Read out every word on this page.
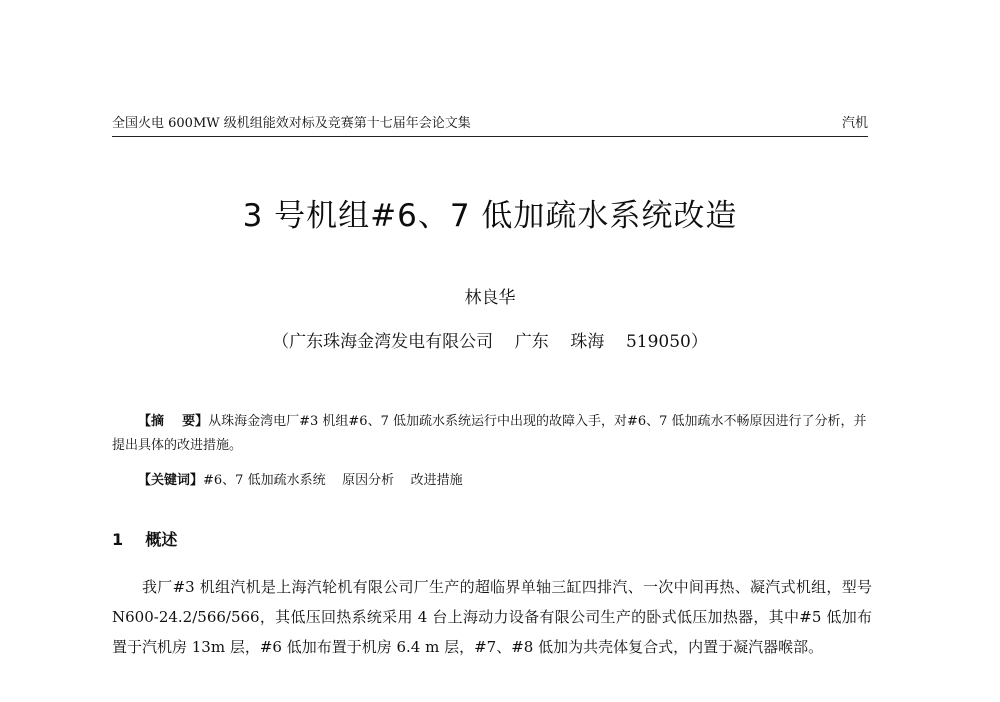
全国火电 600MW 级机组能效对标及竞赛第十七届年会论文集	汽机
3 号机组#6、7 低加疏水系统改造
林良华
（广东珠海金湾发电有限公司    广东    珠海    519050）

【摘    要】从珠海金湾电厂#3 机组#6、7 低加疏水系统运行中出现的故障入手，对#6、7 低加疏水不畅原因进行了分析，并提出具体的改进措施。

【关键词】#6、7 低加疏水系统    原因分析    改进措施
1    概述

我厂#3 机组汽机是上海汽轮机有限公司厂生产的超临界单轴三缸四排汽、一次中间再热、凝汽式机组，型号 N600-24.2/566/566，其低压回热系统采用 4 台上海动力设备有限公司生产的卧式低压加热器，其中#5 低加布置于汽机房 13m 层，#6 低加布置于机房 6.4 m 层，#7、#8 低加为共壳体复合式，内置于凝汽器喉部。
